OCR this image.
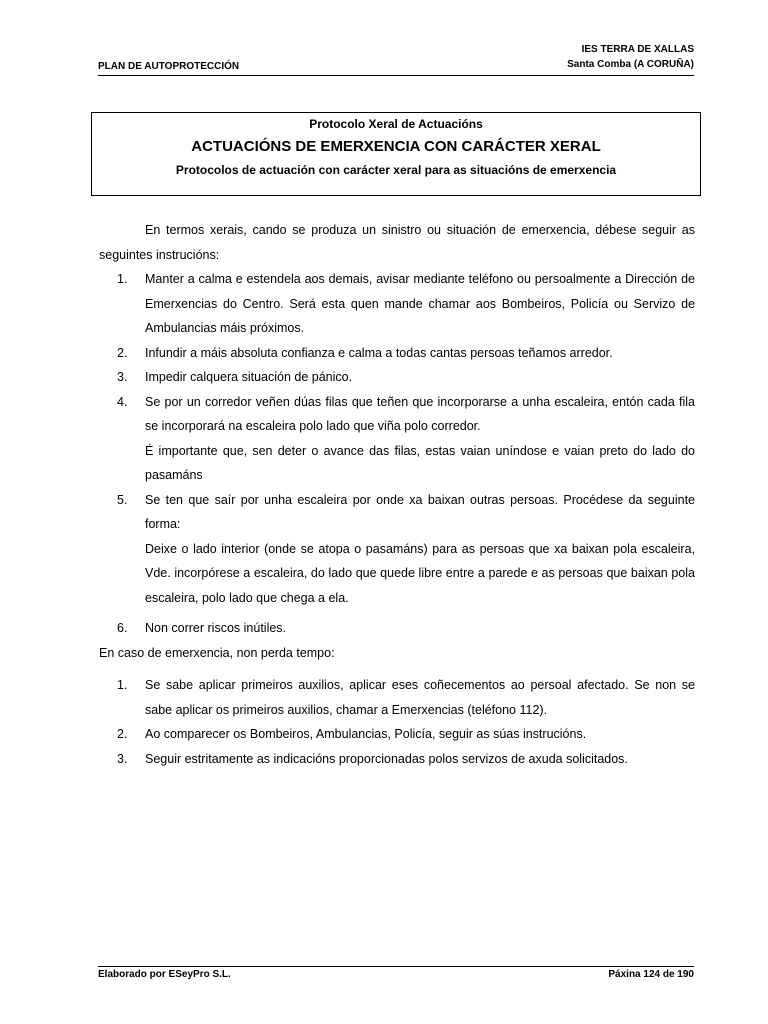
PLAN DE AUTOPROTECCIÓN
IES TERRA DE XALLAS
Santa Comba (A CORUÑA)
Protocolo Xeral de Actuacións
ACTUACIÓNS DE EMERXENCIA CON CARÁCTER XERAL
Protocolos de actuación con carácter xeral para as situacións de emerxencia

En termos xerais, cando se produza un sinistro ou situación de emerxencia, débese seguir as seguintes instrucións:

1. Manter a calma e estendela aos demais, avisar mediante teléfono ou persoalmente a Dirección de Emerxencias do Centro. Será esta quen mande chamar aos Bombeiros, Policía ou Servizo de Ambulancias máis próximos.
2. Infundir a máis absoluta confianza e calma a todas cantas persoas teñamos arredor.
3. Impedir calquera situación de pánico.
4. Se por un corredor veñen dúas filas que teñen que incorporarse a unha escaleira, entón cada fila se incorporará na escaleira polo lado que viña polo corredor.
É importante que, sen deter o avance das filas, estas vaian uníndose e vaian preto do lado do pasamáns
5. Se ten que saír por unha escaleira por onde xa baixan outras persoas. Procédese da seguinte forma:
Deixe o lado interior (onde se atopa o pasamáns) para as persoas que xa baixan pola escaleira, Vde. incorpórese a escaleira, do lado que quede libre entre a parede e as persoas que baixan pola escaleira, polo lado que chega a ela.
6. Non correr riscos inútiles.

En caso de emerxencia, non perda tempo:

1. Se sabe aplicar primeiros auxilios, aplicar eses coñecementos ao persoal afectado. Se non se sabe aplicar os primeiros auxilios, chamar a Emerxencias (teléfono 112).
2. Ao comparecer os Bombeiros, Ambulancias, Policía, seguir as súas instrucións.
3. Seguir estritamente as indicacións proporcionadas polos servizos de axuda solicitados.
Elaborado por ESeyPro S.L.	Páxina 124 de 190
